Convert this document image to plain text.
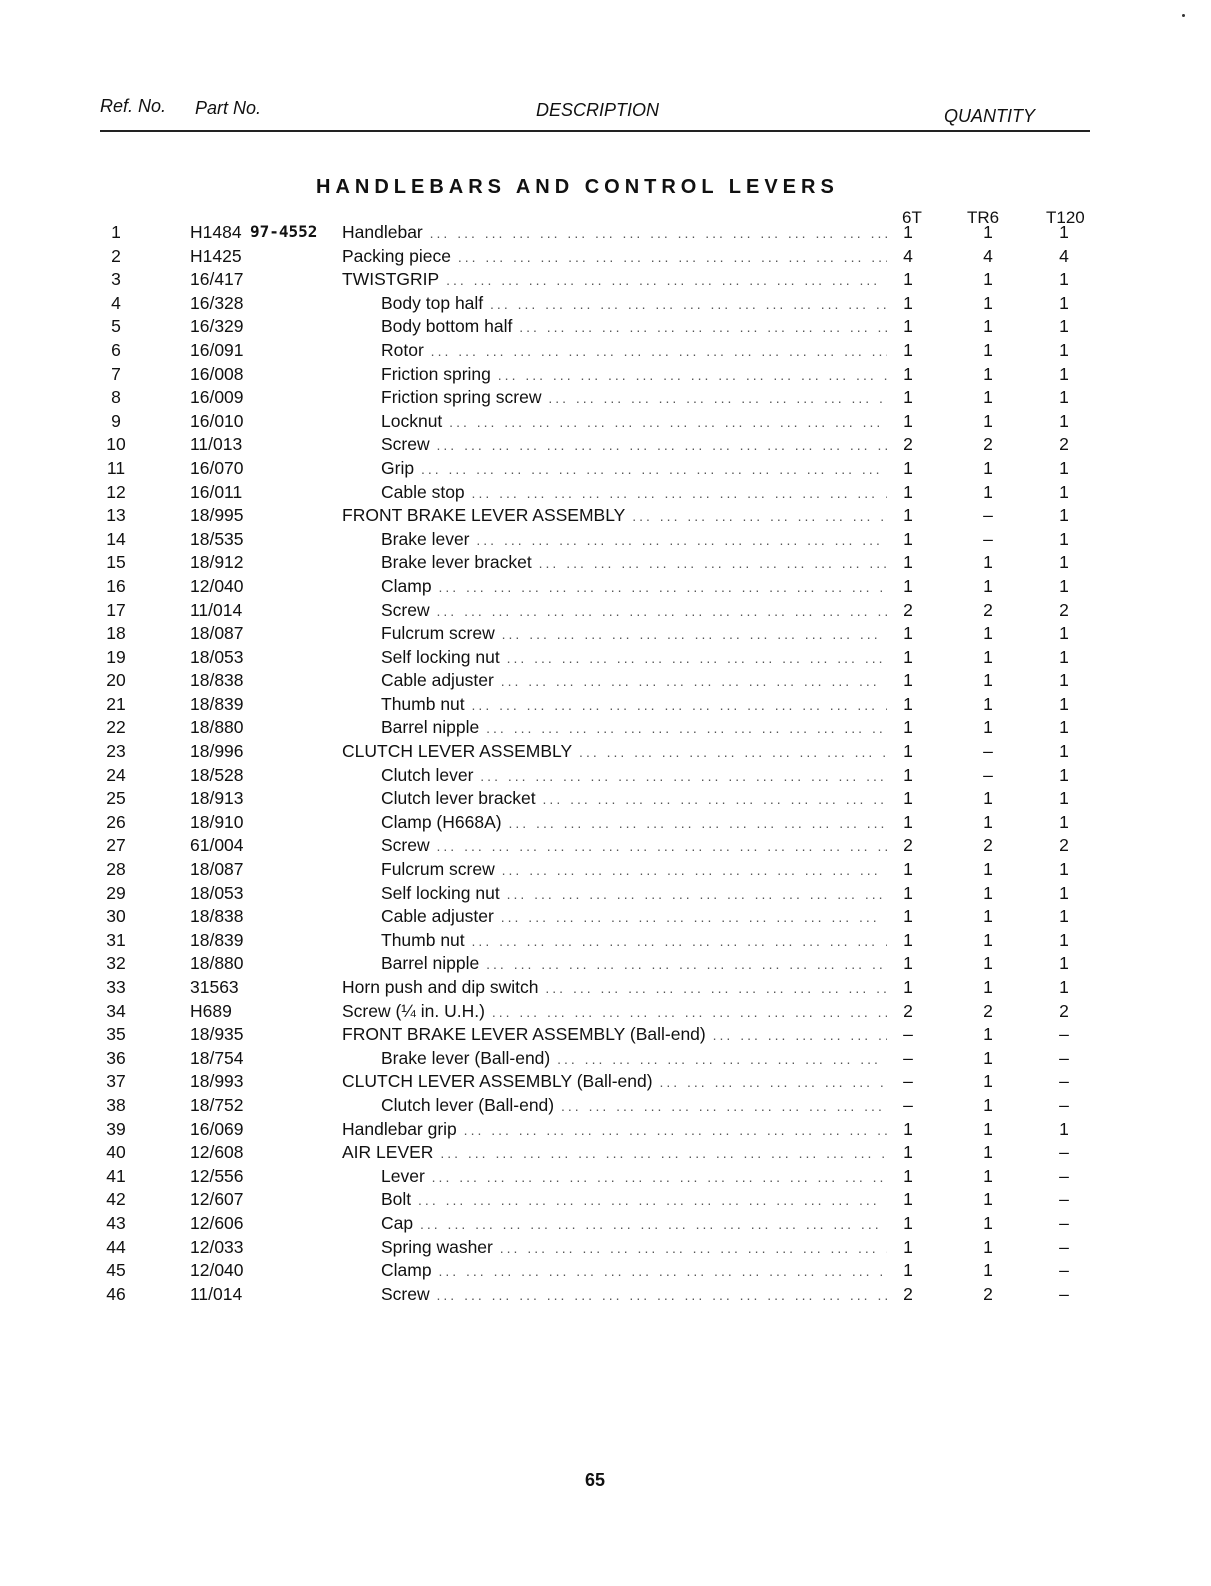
Ref. No. Part No.	DESCRIPTION	QUANTITY
HANDLEBARS AND CONTROL LEVERS
6T	TR6	T120
1	H1484 97-4552 Handlebar ... .	1	1	1
2	H1425	Packing piece ... .	4	4	4
3	16/417	TWISTGRIP ... .	1	1	1
4	16/328	Body top half ... .	1	1	1
5	16/329	Body bottom half ... .	1	1	1
6	16/091	Rotor ... .	1	1	1
7	16/008	Friction spring ... .	1	1	1
8	16/009	Friction spring screw ... .	1	1	1
9	16/010	Locknut ... .	1	1	1
10	11/013	Screw ... .	2	2	2
11	16/070	Grip ... .	1	1	1
12	16/011	Cable stop ... .	1	1	1
13	18/995	FRONT BRAKE LEVER ASSEMBLY ... .	1	–	1
14	18/535	Brake lever ... .	1	–	1
15	18/912	Brake lever bracket ... .	1	1	1
16	12/040	Clamp ... .	1	1	1
17	11/014	Screw ... .	2	2	2
18	18/087	Fulcrum screw ... .	1	1	1
19	18/053	Self locking nut ... .	1	1	1
20	18/838	Cable adjuster ... .	1	1	1
21	18/839	Thumb nut ... .	1	1	1
22	18/880	Barrel nipple ... .	1	1	1
23	18/996	CLUTCH LEVER ASSEMBLY ... .	1	–	1
24	18/528	Clutch lever ... .	1	–	1
25	18/913	Clutch lever bracket ... .	1	1	1
26	18/910	Clamp (H668A) ... .	1	1	1
27	61/004	Screw ... .	2	2	2
28	18/087	Fulcrum screw ... .	1	1	1
29	18/053	Self locking nut ... .	1	1	1
30	18/838	Cable adjuster ... .	1	1	1
31	18/839	Thumb nut ... .	1	1	1
32	18/880	Barrel nipple ... .	1	1	1
33	31563	Horn push and dip switch ... .	1	1	1
34	H689	Screw (¼ in. U.H.) ... .	2	2	2
35	18/935	FRONT BRAKE LEVER ASSEMBLY (Ball-end) ... .	–	1	–
36	18/754	Brake lever (Ball-end) ... .	–	1	–
37	18/993	CLUTCH LEVER ASSEMBLY (Ball-end) ... .	–	1	–
38	18/752	Clutch lever (Ball-end) ... .	–	1	–
39	16/069	Handlebar grip ... .	1	1	1
40	12/608	AIR LEVER ... .	1	1	–
41	12/556	Lever ... .	1	1	–
42	12/607	Bolt ... .	1	1	–
43	12/606	Cap ... .	1	1	–
44	12/033	Spring washer ... .	1	1	–
45	12/040	Clamp ... .	1	1	–
46	11/014	Screw ... .	2	2	–
65
